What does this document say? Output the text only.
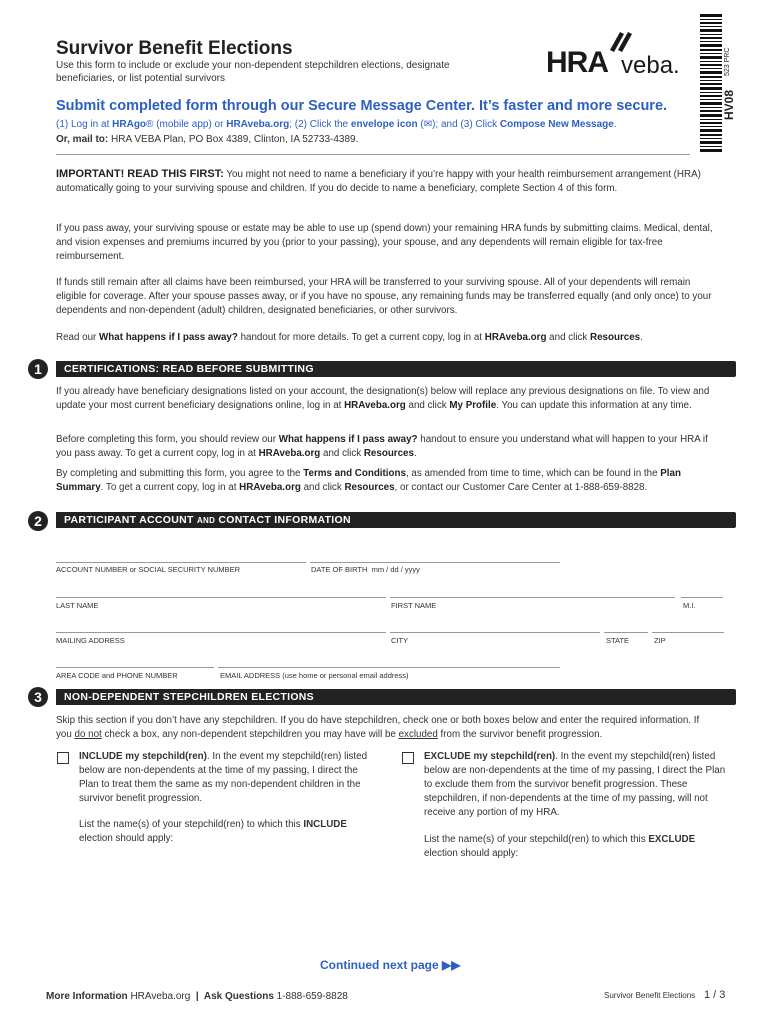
Survivor Benefit Elections
Use this form to include or exclude your non-dependent stepchildren elections, designate beneficiaries, or list potential survivors	HRA veba.
HV08
523 PRC
Submit completed form through our Secure Message Center. It’s faster and more secure.
(1) Log in at HRAgo® (mobile app) or HRAveba.org; (2) Click the envelope icon (✉); and (3) Click Compose New Message.
Or, mail to: HRA VEBA Plan, PO Box 4389, Clinton, IA 52733-4389.
IMPORTANT! READ THIS FIRST: You might not need to name a beneficiary if you’re happy with your health reimbursement arrangement (HRA) automatically going to your surviving spouse and children. If you do decide to name a beneficiary, complete Section 4 of this form.
If you pass away, your surviving spouse or estate may be able to use up (spend down) your remaining HRA funds by submitting claims. Medical, dental, and vision expenses and premiums incurred by you (prior to your passing), your spouse, and any dependents will remain eligible for tax-free reimbursement.
If funds still remain after all claims have been reimbursed, your HRA will be transferred to your surviving spouse. All of your dependents will remain eligible for coverage. After your spouse passes away, or if you have no spouse, any remaining funds may be transferred equally (and only once) to your dependents and non-dependent (adult) children, designated beneficiaries, or other survivors.
Read our What happens if I pass away? handout for more details. To get a current copy, log in at HRAveba.org and click Resources.
1	CERTIFICATIONS: READ BEFORE SUBMITTING
If you already have beneficiary designations listed on your account, the designation(s) below will replace any previous designations on file. To view and update your most current beneficiary designations online, log in at HRAveba.org and click My Profile. You can update this information at any time.
Before completing this form, you should review our What happens if I pass away? handout to ensure you understand what will happen to your HRA if you pass away. To get a current copy, log in at HRAveba.org and click Resources.
By completing and submitting this form, you agree to the Terms and Conditions, as amended from time to time, which can be found in the Plan Summary. To get a current copy, log in at HRAveba.org and click Resources, or contact our Customer Care Center at 1-888-659-8828.
2	PARTICIPANT ACCOUNT AND CONTACT INFORMATION
ACCOUNT NUMBER or SOCIAL SECURITY NUMBER	DATE OF BIRTH mm / dd / yyyy
LAST NAME	FIRST NAME	M.I.
MAILING ADDRESS	CITY	STATE	ZIP
AREA CODE and PHONE NUMBER	EMAIL ADDRESS (use home or personal email address)
3	NON-DEPENDENT STEPCHILDREN ELECTIONS
Skip this section if you don’t have any stepchildren. If you do have stepchildren, check one or both boxes below and enter the required information. If you do not check a box, any non-dependent stepchildren you may have will be excluded from the survivor benefit progression.
INCLUDE my stepchild(ren). In the event my stepchild(ren) listed below are non-dependents at the time of my passing, I direct the Plan to treat them the same as my non-dependent children in the survivor benefit progression.
List the name(s) of your stepchild(ren) to which this INCLUDE election should apply:
EXCLUDE my stepchild(ren). In the event my stepchild(ren) listed below are non-dependents at the time of my passing, I direct the Plan to exclude them from the survivor benefit progression. These stepchildren, if non-dependents at the time of my passing, will not receive any portion of my HRA.
List the name(s) of your stepchild(ren) to which this EXCLUDE election should apply:
Continued next page ▶▶
More Information HRAveba.org  |  Ask Questions 1-888-659-8828	Survivor Benefit Elections 1 / 3
